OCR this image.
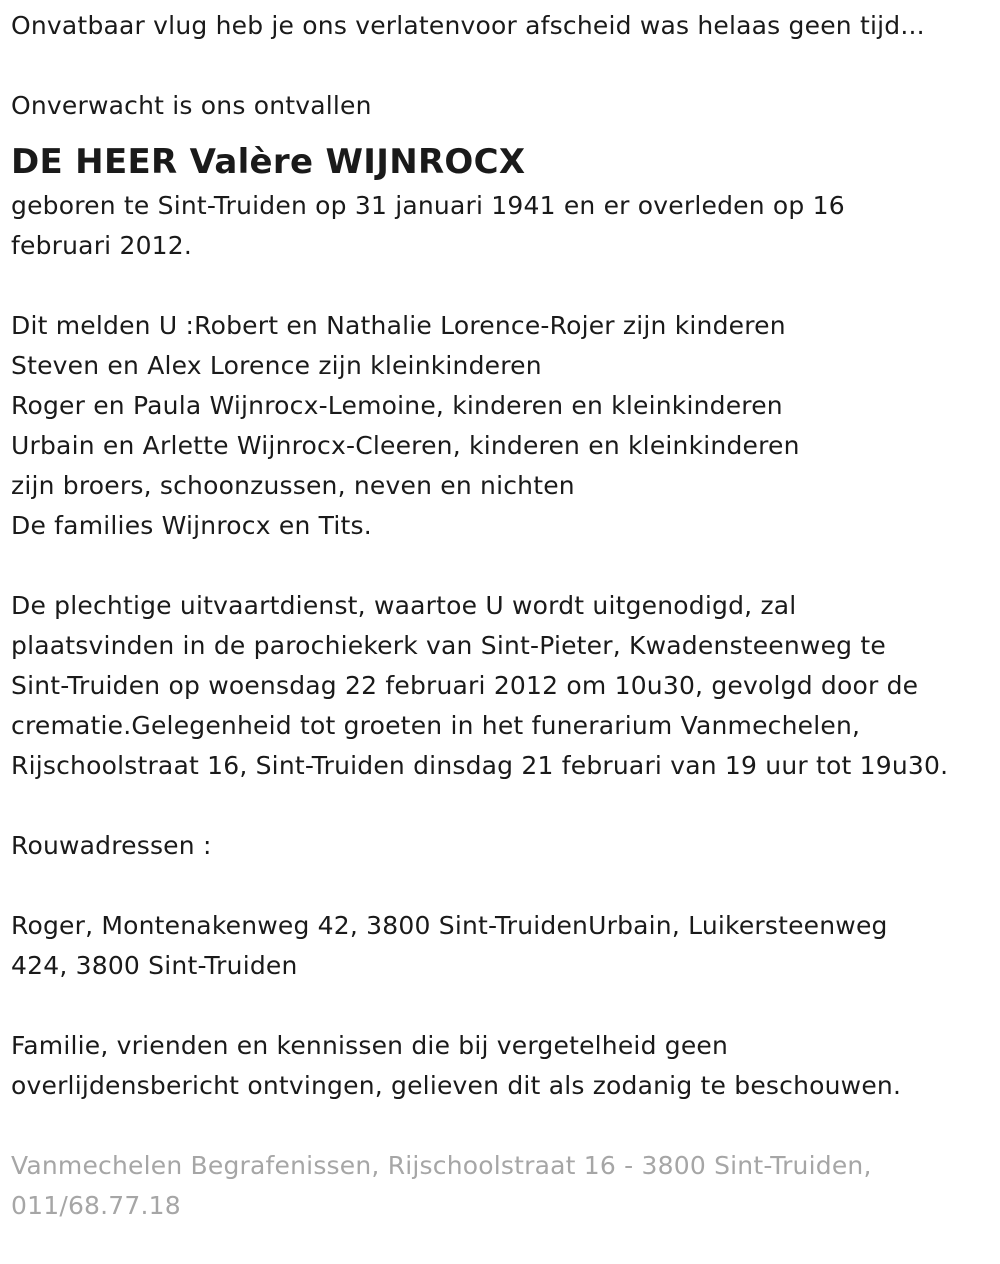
Onvatbaar vlug heb je ons verlatenvoor afscheid was helaas geen tijd...
Onverwacht is ons ontvallen
DE HEER Valère WIJNROCX
geboren te Sint-Truiden op 31 januari 1941 en er overleden op 16
februari 2012.
Dit melden U :Robert en Nathalie Lorence-Rojer zijn kinderen
Steven en Alex Lorence zijn kleinkinderen
Roger en Paula Wijnrocx-Lemoine, kinderen en kleinkinderen
Urbain en Arlette Wijnrocx-Cleeren, kinderen en kleinkinderen
zijn broers, schoonzussen, neven en nichten
De families Wijnrocx en Tits.
De plechtige uitvaartdienst, waartoe U wordt uitgenodigd, zal
plaatsvinden in de parochiekerk van Sint-Pieter, Kwadensteenweg te
Sint-Truiden op woensdag 22 februari 2012 om 10u30, gevolgd door de
crematie.Gelegenheid tot groeten in het funerarium Vanmechelen,
Rijschoolstraat 16, Sint-Truiden dinsdag 21 februari van 19 uur tot 19u30.
Rouwadressen :
Roger, Montenakenweg 42, 3800 Sint-TruidenUrbain, Luikersteenweg
424, 3800 Sint-Truiden
Familie, vrienden en kennissen die bij vergetelheid geen
overlijdensbericht ontvingen, gelieven dit als zodanig te beschouwen.
Vanmechelen Begrafenissen, Rijschoolstraat 16 - 3800 Sint-Truiden,
011/68.77.18
